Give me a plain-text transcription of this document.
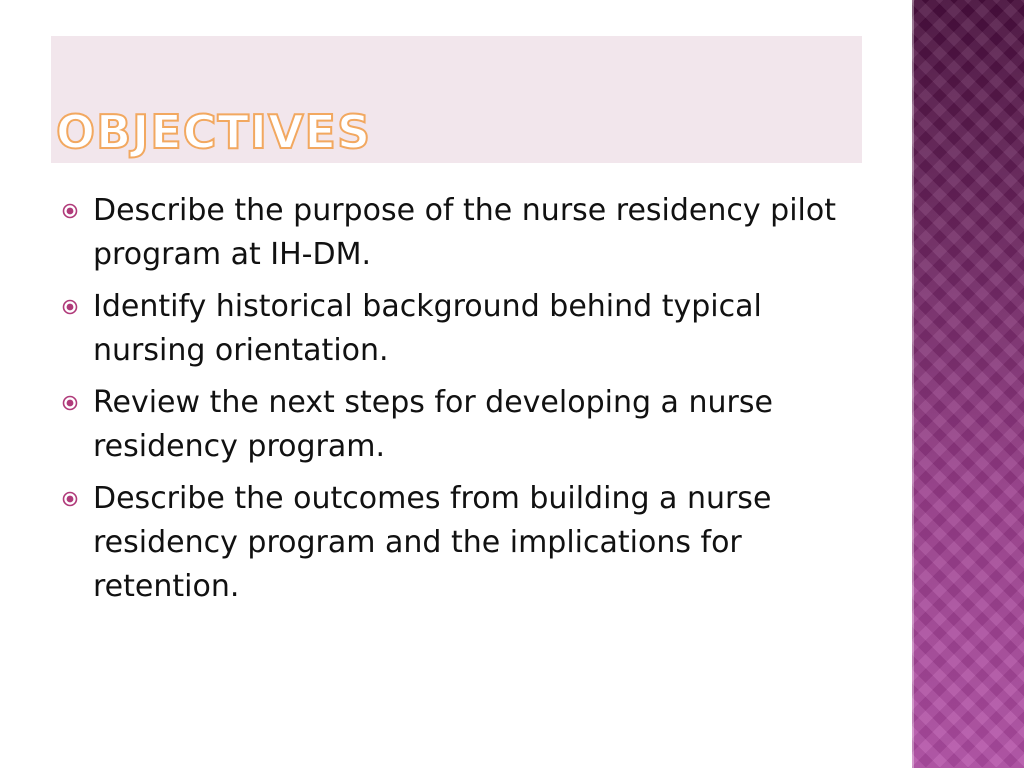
OBJECTIVES
Describe the purpose of the nurse residency pilot program at IH-DM.
Identify historical background behind typical nursing orientation.
Review the next steps for developing a nurse residency program.
Describe the outcomes from building a nurse residency program and the implications for retention.
